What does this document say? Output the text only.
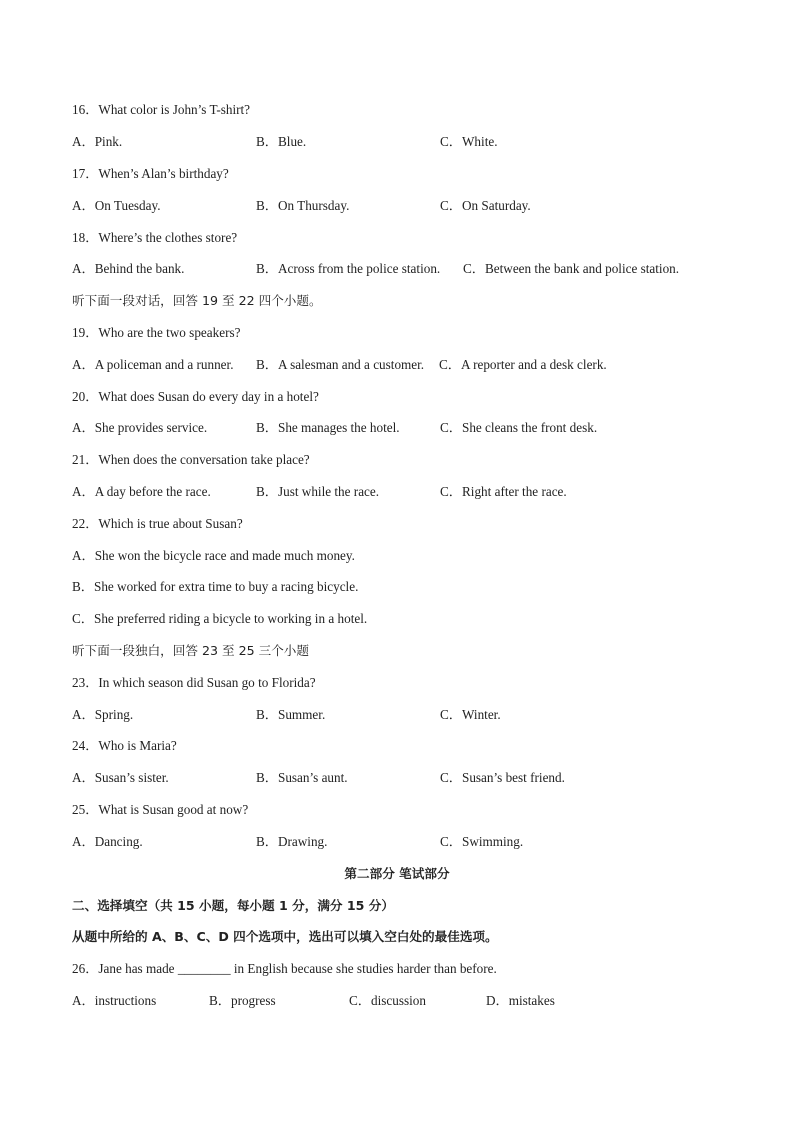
16．What color is John’s T-shirt?
A．Pink.	B．Blue.	C．White.
17．When’s Alan’s birthday?
A．On Tuesday.	B．On Thursday.	C．On Saturday.
18．Where’s the clothes store?
A．Behind the bank.	B．Across from the police station. C．Between the bank and police station.
听下面一段对话，回答 19 至 22 四个小题。
19．Who are the two speakers?
A．A policeman and a runner. B．A salesman and a customer. C．A reporter and a desk clerk.
20．What does Susan do every day in a hotel?
A．She provides service.	B．She manages the hotel.	C．She cleans the front desk.
21．When does the conversation take place?
A．A day before the race.	B．Just while the race.	C．Right after the race.
22．Which is true about Susan?
A．She won the bicycle race and made much money.
B．She worked for extra time to buy a racing bicycle.
C．She preferred riding a bicycle to working in a hotel.
听下面一段独白，回答 23 至 25 三个小题
23．In which season did Susan go to Florida?
A．Spring.	B．Summer.	C．Winter.
24．Who is Maria?
A．Susan’s sister.	B．Susan’s aunt.	C．Susan’s best friend.
25．What is Susan good at now?
A．Dancing.	B．Drawing.	C．Swimming.
第二部分 笔试部分
二、选择填空（共 15 小题，每小题 1 分，满分 15 分）
从题中所给的 A、B、C、D 四个选项中，选出可以填入空白处的最佳选项。
26．Jane has made ________ in English because she studies harder than before.
A．instructions	B．progress	C．discussion	D．mistakes
